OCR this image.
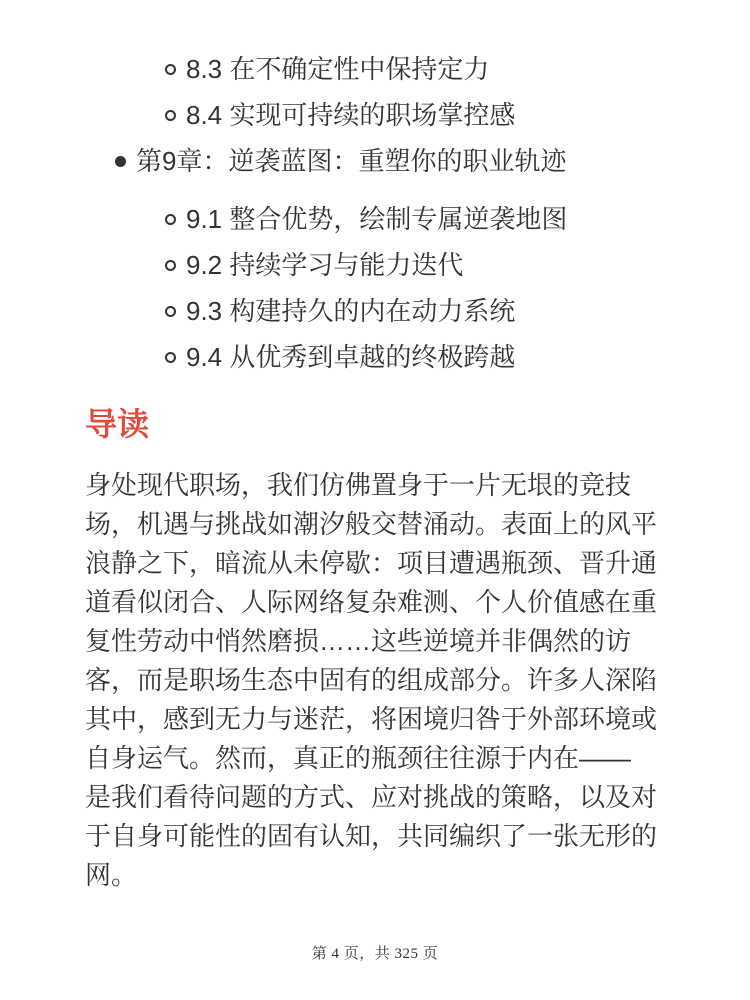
8.3 在不确定性中保持定力
8.4 实现可持续的职场掌控感
第9章：逆袭蓝图：重塑你的职业轨迹
9.1 整合优势，绘制专属逆袭地图
9.2 持续学习与能力迭代
9.3 构建持久的内在动力系统
9.4 从优秀到卓越的终极跨越
导读
身处现代职场，我们仿佛置身于一片无垠的竞技
场，机遇与挑战如潮汐般交替涌动。表面上的风平
浪静之下，暗流从未停歇：项目遭遇瓶颈、晋升通
道看似闭合、人际网络复杂难测、个人价值感在重
复性劳动中悄然磨损……这些逆境并非偶然的访
客，而是职场生态中固有的组成部分。许多人深陷
其中，感到无力与迷茫，将困境归咎于外部环境或
自身运气。然而，真正的瓶颈往往源于内在——
是我们看待问题的方式、应对挑战的策略，以及对
于自身可能性的固有认知，共同编织了一张无形的
网。
第 4 页，共 325 页
